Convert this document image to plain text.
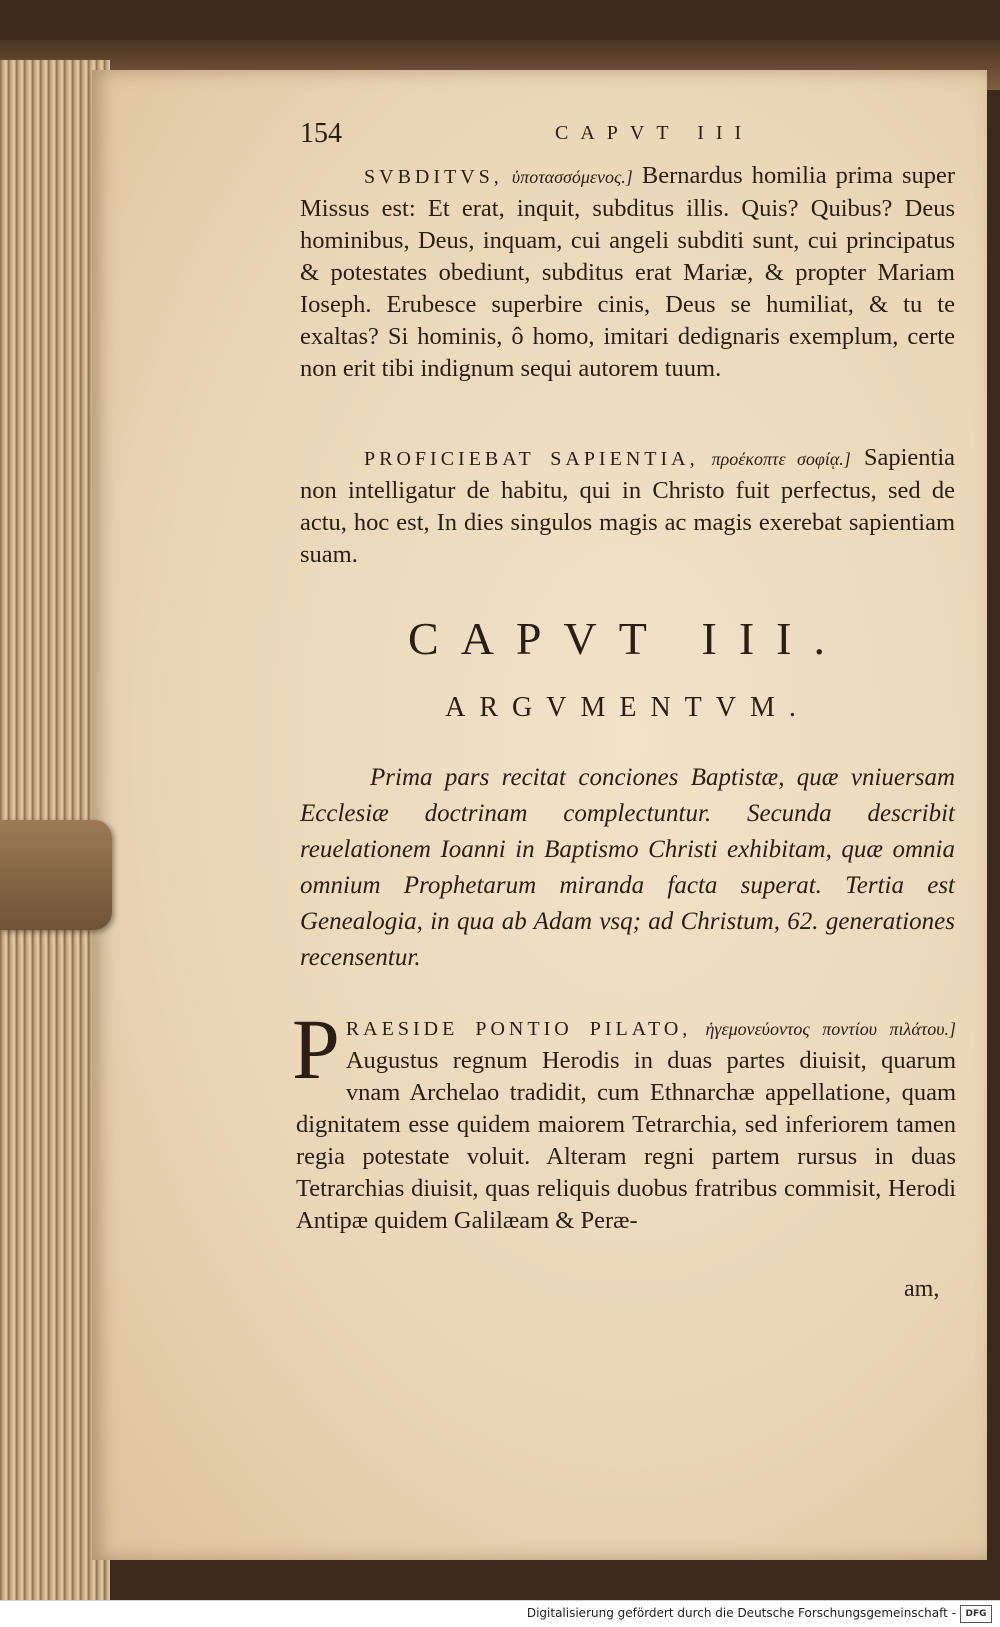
154	CAPVT III
SVBDITVS, ὑποτασσόμενος.] Bernardus homilia prima super Missus est: Et erat, inquit, subditus illis. Quis? Quibus? Deus hominibus, Deus, inquam, cui angeli subditi sunt, cui principatus & potestates obediunt, subditus erat Mariæ, & propter Mariam Ioseph. Erubesce superbire cinis, Deus se humiliat, & tu te exaltas? Si hominis, ô homo, imitari dedignaris exemplum, certe non erit tibi indignum sequi autorem tuum.
PROFICIEBAT SAPIENTIA, προέκοπτε σοφίᾳ.] Sapientia non intelligatur de habitu, qui in Christo fuit perfectus, sed de actu, hoc est, In dies singulos magis ac magis exerebat sapientiam suam.
CAPVT III.
ARGVMENTVM.
Prima pars recitat conciones Baptistæ, quæ vniuersam Ecclesiæ doctrinam complectuntur. Secunda describit reuelationem Ioanni in Baptismo Christi exhibitam, quæ omnia omnium Prophetarum miranda facta superat. Tertia est Genealogia, in qua ab Adam vsq; ad Christum, 62. generationes recensentur.
P RAESIDE PONTIO PILATO, ἡγεμονεύοντος ποντίου πιλάτου.] Augustus regnum Herodis in duas partes diuisit, quarum vnam Archelao tradidit, cum Ethnarchæ appellatione, quam dignitatem esse quidem maiorem Tetrarchia, sed inferiorem tamen regia potestate voluit. Alteram regni partem rursus in duas Tetrarchias diuisit, quas reliquis duobus fratribus commisit, Herodi Antipæ quidem Galilæam & Peræ-
am,
Digitalisierung gefördert durch die Deutsche Forschungsgemeinschaft -	DFG
